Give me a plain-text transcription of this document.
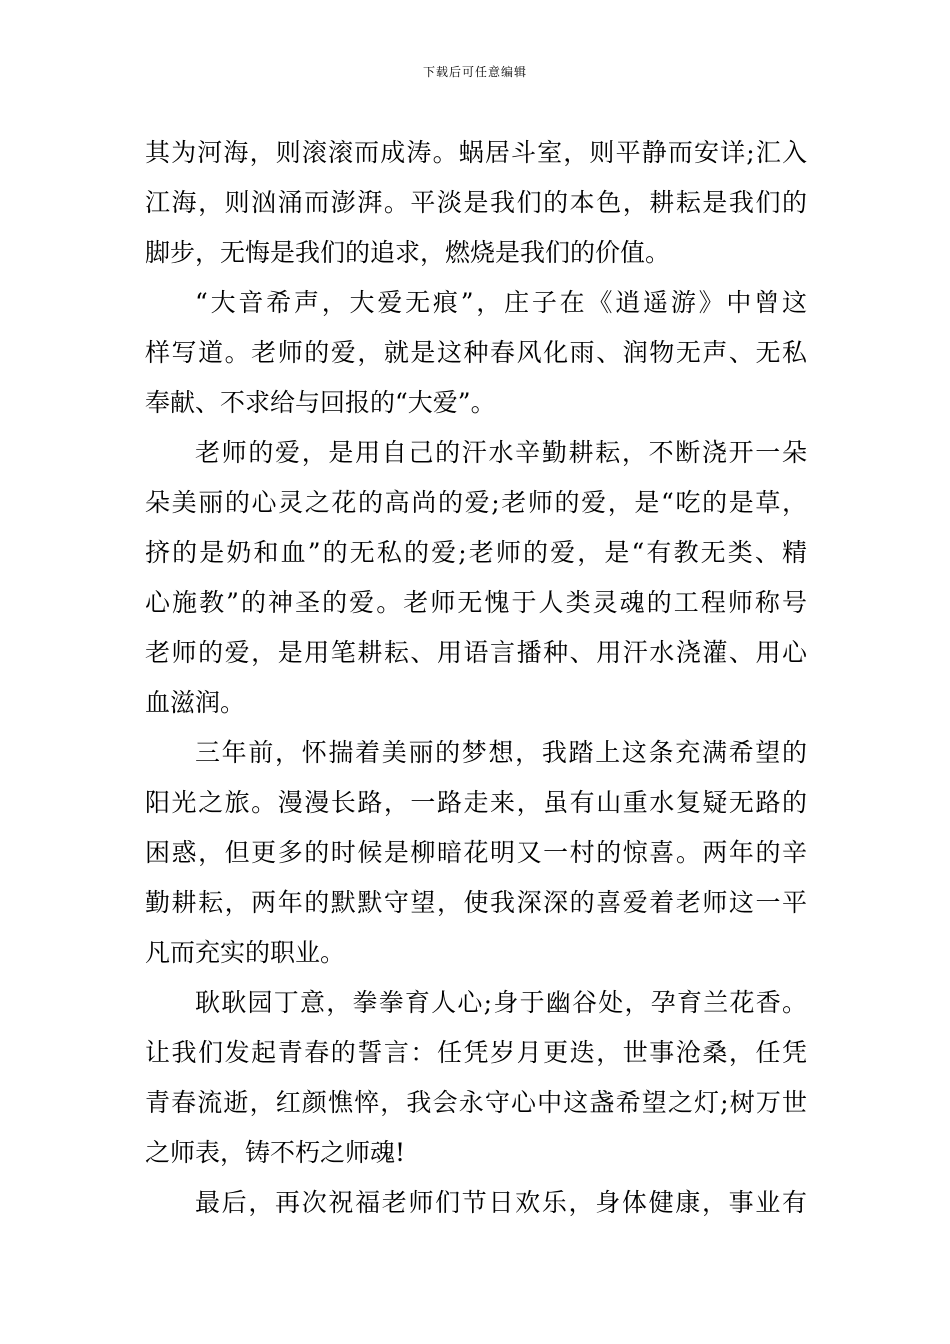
下载后可任意编辑
其为河海，则滚滚而成涛。蜗居斗室，则平静而安详;汇入
江海，则汹涌而澎湃。平淡是我们的本色，耕耘是我们的
脚步，无悔是我们的追求，燃烧是我们的价值。
“大音希声，大爱无痕”，庄子在《逍遥游》中曾这
样写道。老师的爱，就是这种春风化雨、润物无声、无私
奉献、不求给与回报的“大爱”。
老师的爱，是用自己的汗水辛勤耕耘，不断浇开一朵
朵美丽的心灵之花的高尚的爱;老师的爱，是“吃的是草，
挤的是奶和血”的无私的爱;老师的爱，是“有教无类、精
心施教”的神圣的爱。老师无愧于人类灵魂的工程师称号
老师的爱，是用笔耕耘、用语言播种、用汗水浇灌、用心
血滋润。
三年前，怀揣着美丽的梦想，我踏上这条充满希望的
阳光之旅。漫漫长路，一路走来，虽有山重水复疑无路的
困惑，但更多的时候是柳暗花明又一村的惊喜。两年的辛
勤耕耘，两年的默默守望，使我深深的喜爱着老师这一平
凡而充实的职业。
耿耿园丁意，拳拳育人心;身于幽谷处，孕育兰花香。
让我们发起青春的誓言：任凭岁月更迭，世事沧桑，任凭
青春流逝，红颜憔悴，我会永守心中这盏希望之灯;树万世
之师表，铸不朽之师魂!
最后，再次祝福老师们节日欢乐，身体健康，事业有
